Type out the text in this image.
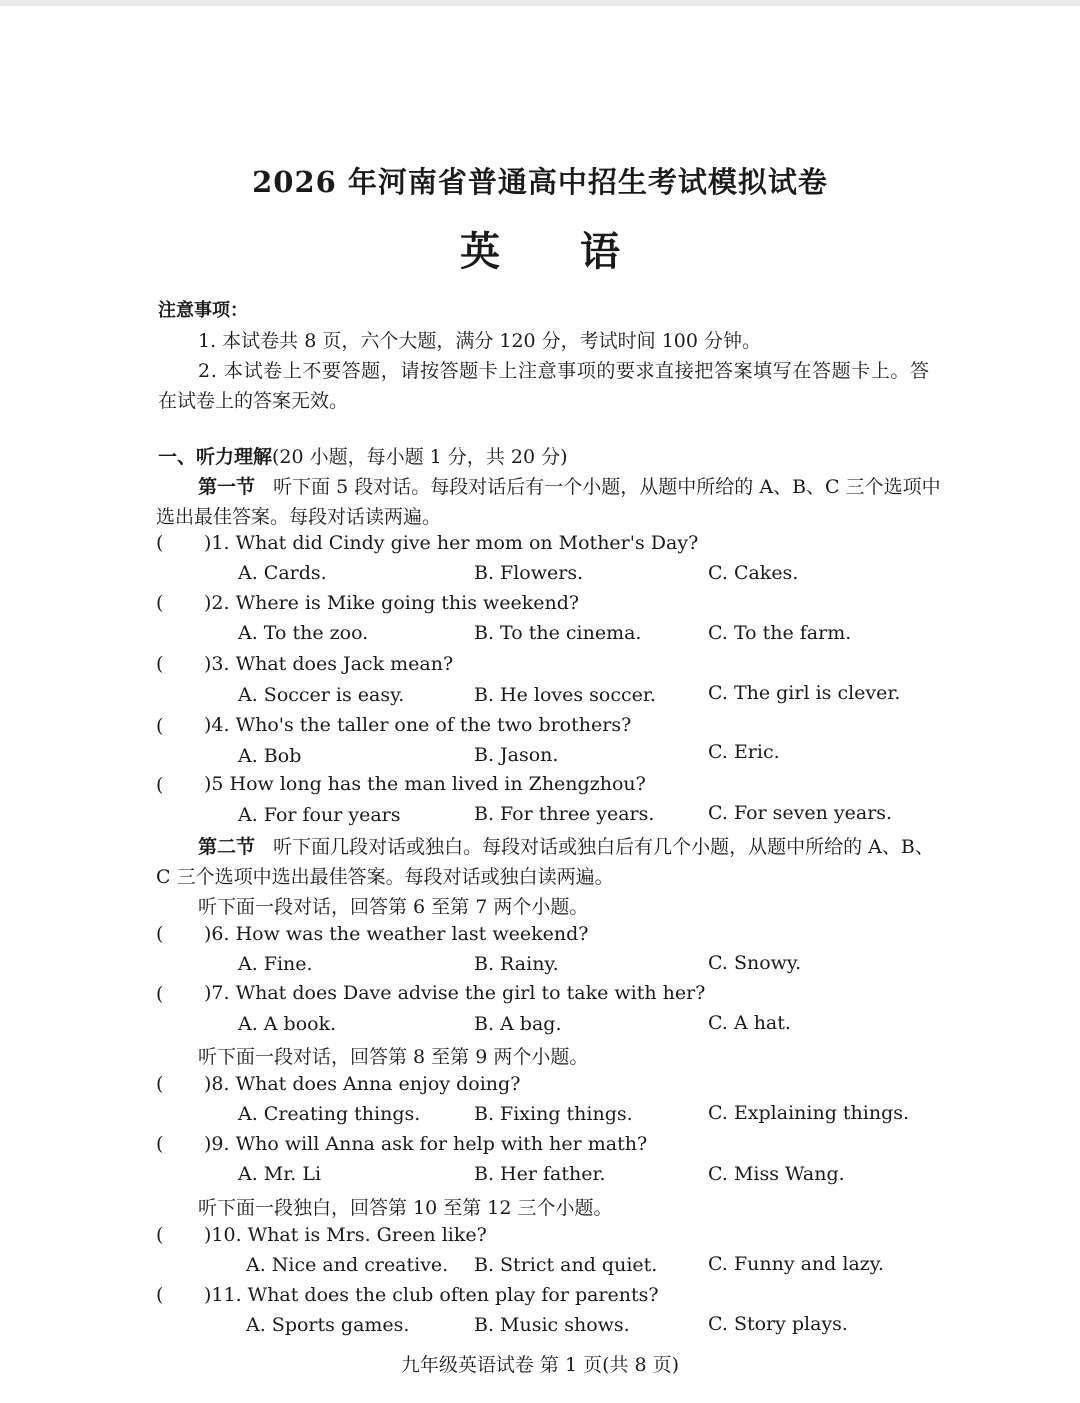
2026 年河南省普通高中招生考试模拟试卷
英语
注意事项：
1. 本试卷共 8 页，六个大题，满分 120 分，考试时间 100 分钟。
2. 本试卷上不要答题，请按答题卡上注意事项的要求直接把答案填写在答题卡上。答
在试卷上的答案无效。
一、听力理解(20 小题，每小题 1 分，共 20 分)
第一节 听下面 5 段对话。每段对话后有一个小题，从题中所给的 A、B、C 三个选项中
选出最佳答案。每段对话读两遍。
( )1. What did Cindy give her mom on Mother's Day?
A. Cards.	B. Flowers.	C. Cakes.
( )2. Where is Mike going this weekend?
A. To the zoo.	B. To the cinema.	C. To the farm.
( )3. What does Jack mean?
A. Soccer is easy.	B. He loves soccer.	C. The girl is clever.
( )4. Who's the taller one of the two brothers?
A. Bob	B. Jason.	C. Eric.
( )5 How long has the man lived in Zhengzhou?
A. For four years	B. For three years.	C. For seven years.
第二节 听下面几段对话或独白。每段对话或独白后有几个小题，从题中所给的 A、B、
C 三个选项中选出最佳答案。每段对话或独白读两遍。
听下面一段对话，回答第 6 至第 7 两个小题。
( )6. How was the weather last weekend?
A. Fine.	B. Rainy.	C. Snowy.
( )7. What does Dave advise the girl to take with her?
A. A book.	B. A bag.	C. A hat.
听下面一段对话，回答第 8 至第 9 两个小题。
( )8. What does Anna enjoy doing?
A. Creating things.	B. Fixing things.	C. Explaining things.
( )9. Who will Anna ask for help with her math?
A. Mr. Li	B. Her father.	C. Miss Wang.
听下面一段独白，回答第 10 至第 12 三个小题。
( )10. What is Mrs. Green like?
A. Nice and creative. B. Strict and quiet.	C. Funny and lazy.
( )11. What does the club often play for parents?
A. Sports games.	B. Music shows.	C. Story plays.
九年级英语试卷 第 1 页(共 8 页)
